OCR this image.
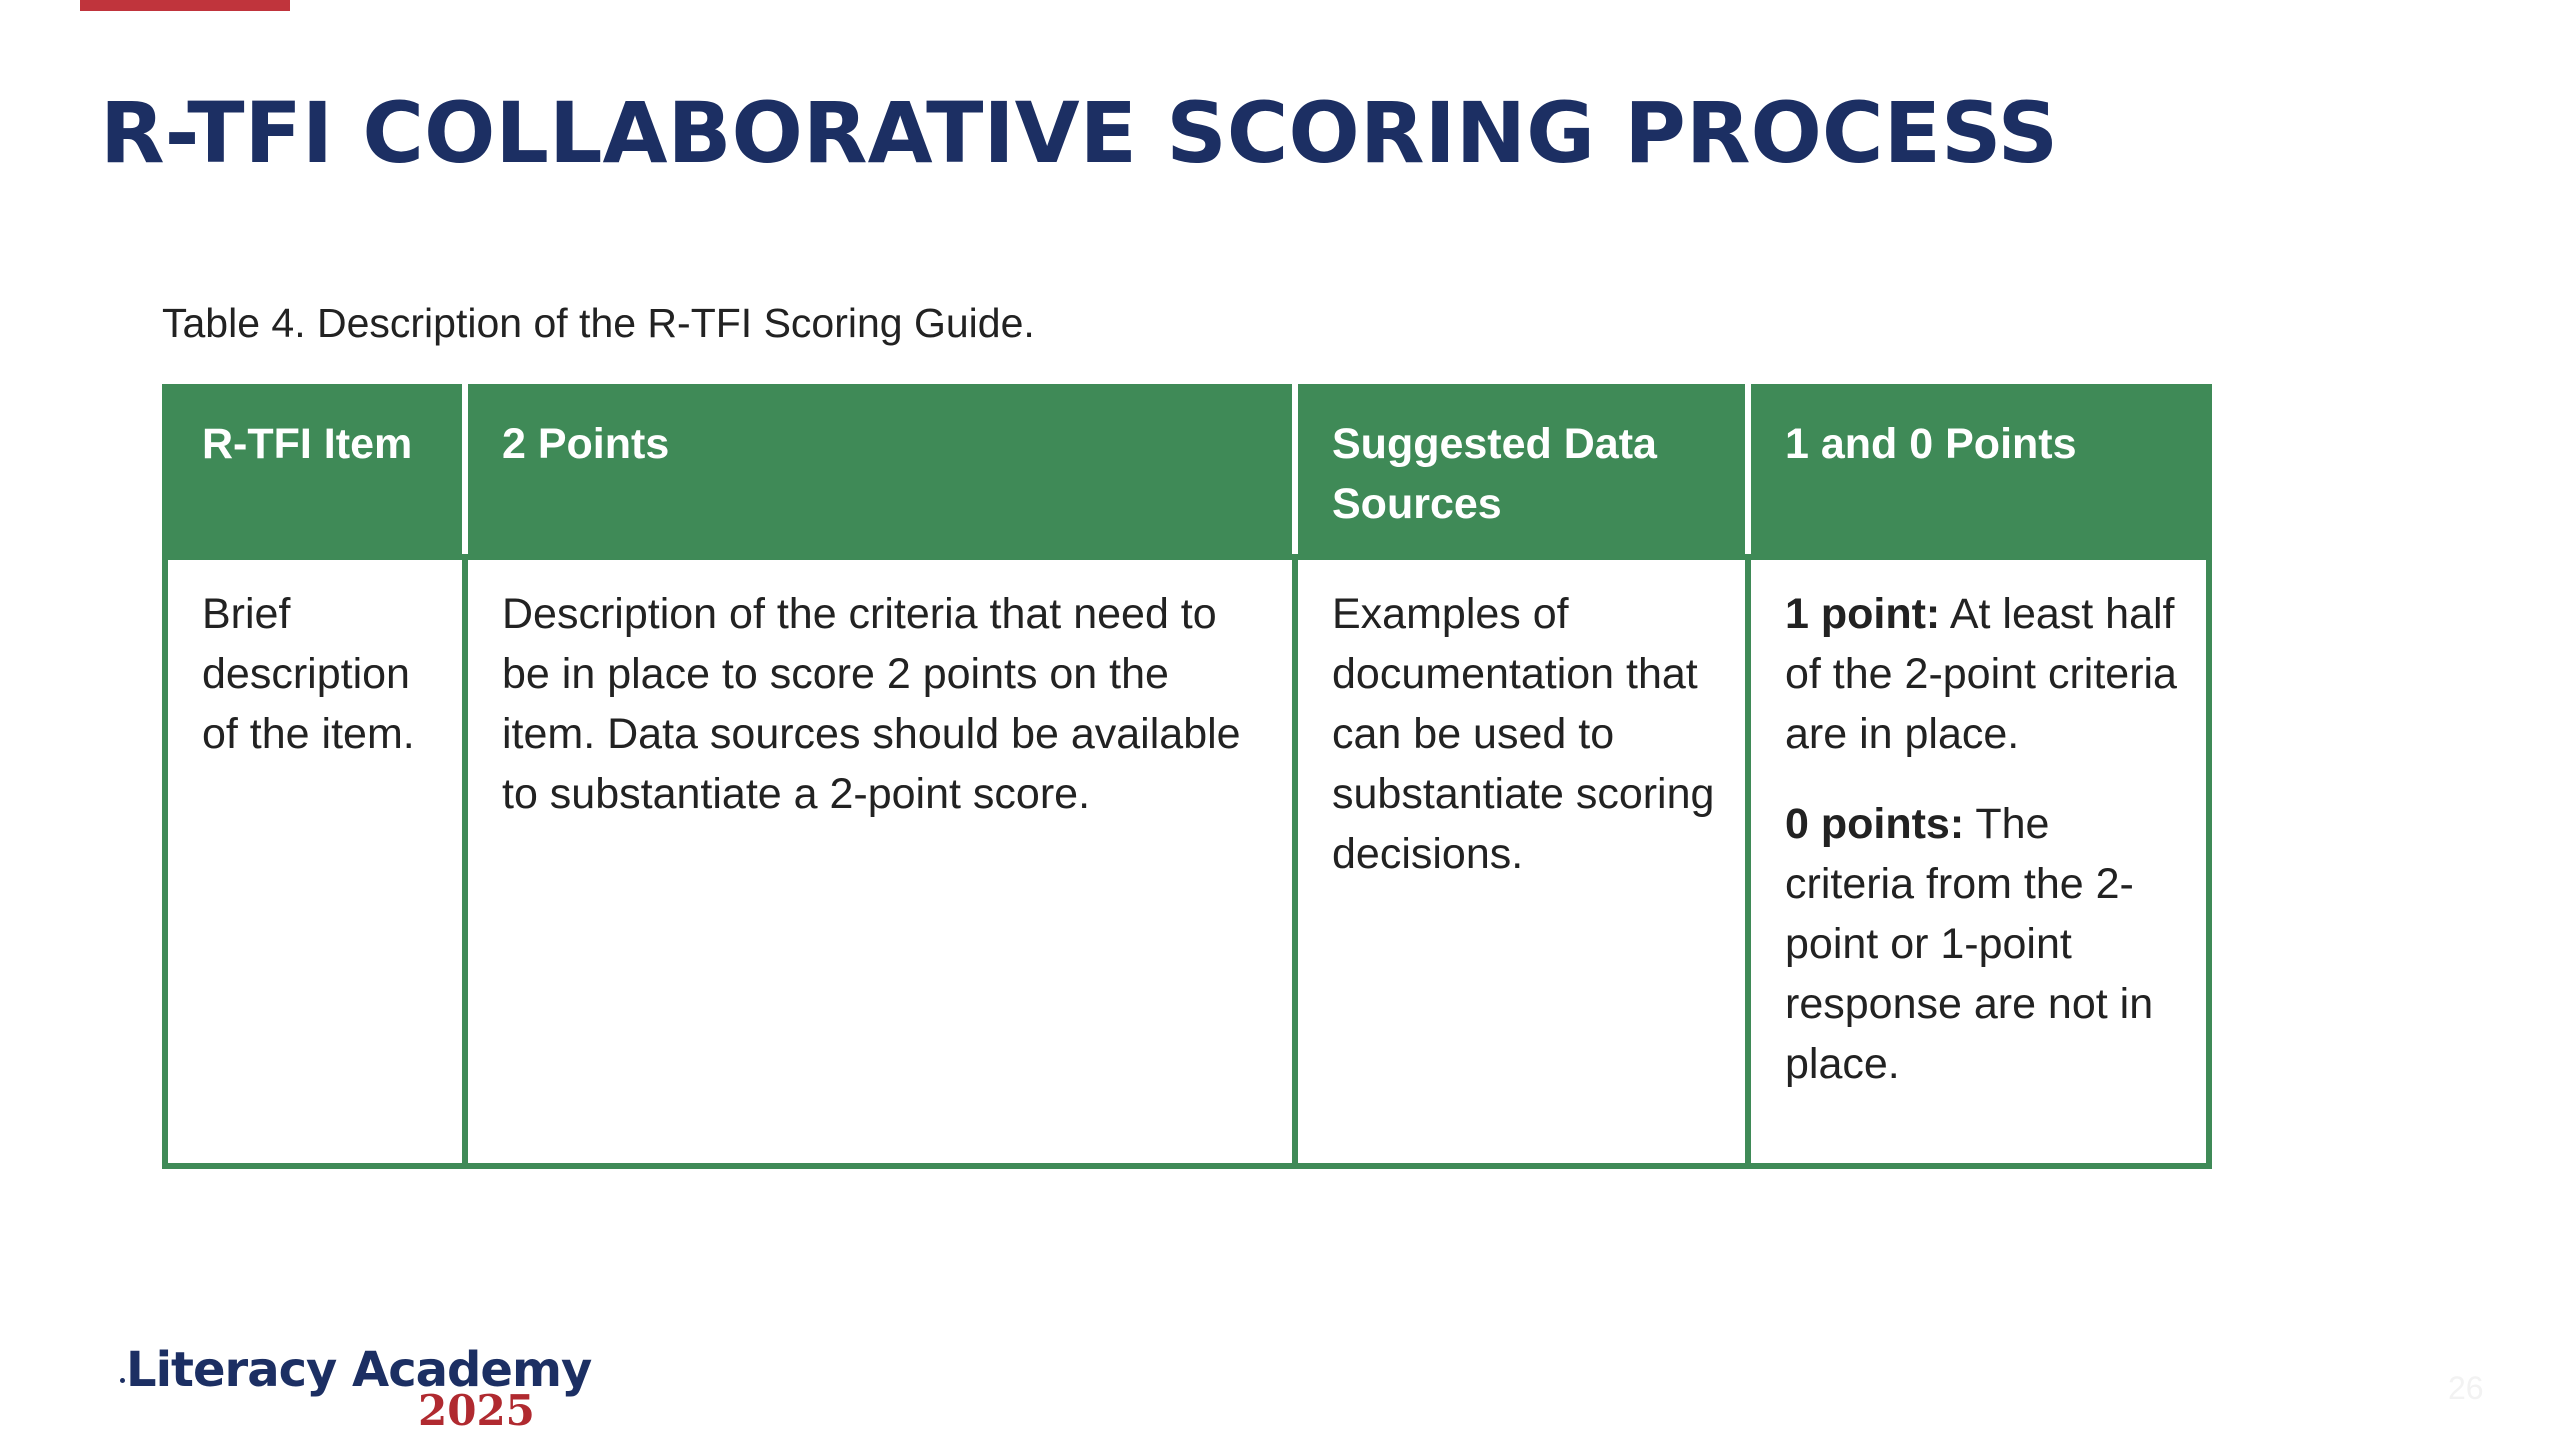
R-TFI COLLABORATIVE SCORING PROCESS
Table 4. Description of the R-TFI Scoring Guide.
R-TFI Item	2 Points	Suggested Data Sources	1 and 0 Points
Brief description of the item.	Description of the criteria that need to be in place to score 2 points on the item. Data sources should be available to substantiate a 2-point score.	Examples of documentation that can be used to substantiate scoring decisions.	1 point: At least half of the 2-point criteria are in place.

0 points: The criteria from the 2-point or 1-point response are not in place.

Literacy Academy
2025	26
